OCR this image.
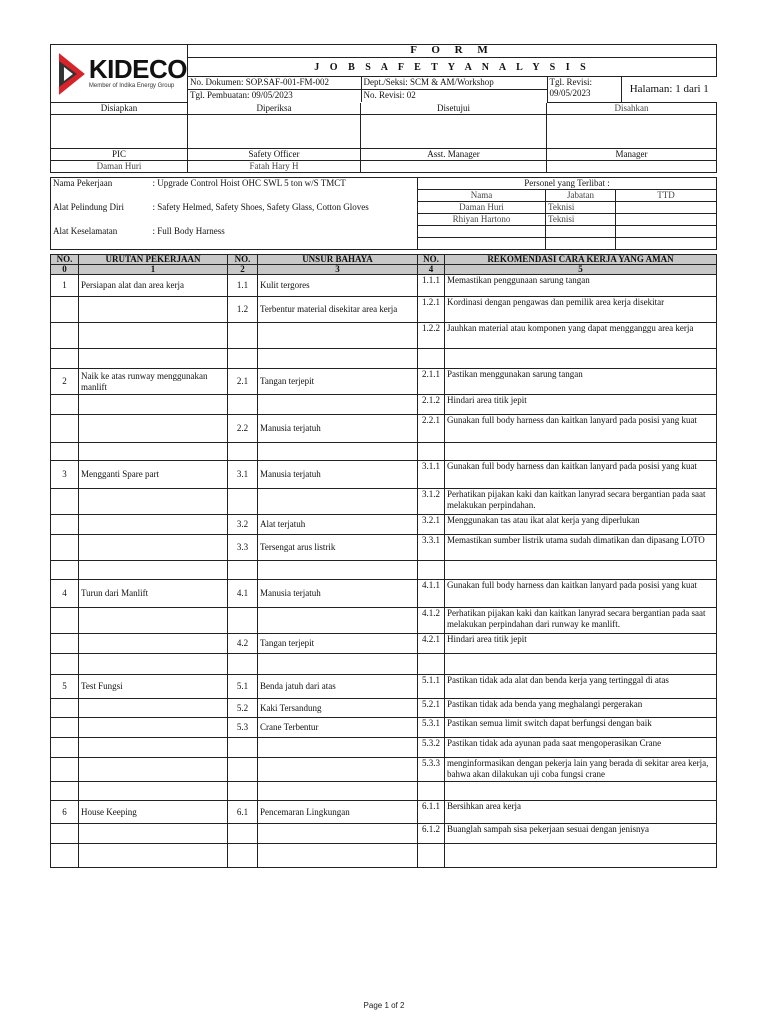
KIDECO
Member of Indika Energy Group
	F O R M
J O B S A F E T Y A N A L Y S I S

No. Dokumen: SOP.SAF-001-FM-002	Dept./Seksi: SCM & AM/Workshop	Tgl. Revisi:
09/05/2023	Halaman: 1 dari 1
Tgl. Pembuatan: 09/05/2023	No. Revisi: 02
Disiapkan	Diperiksa	Disetujui	Disahkan

PIC	Safety Officer	Asst. Manager	Manager
Daman Huri	Fatah Hary H		
Nama Pekerjaan	: Upgrade Control Hoist OHC SWL 5 ton w/S TMCT	Personel yang Terlibat :		
		Nama	Jabatan	TTD
Alat Pelindung Diri	: Safety Helmed, Safety Shoes, Safety Glass, Cotton Gloves	Daman Huri	Teknisi	
		Rhiyan Hartono	Teknisi	
Alat Keselamatan	: Full Body Harness			

NO.	URUTAN PEKERJAAN	NO.	UNSUR BAHAYA	NO.	REKOMENDASI CARA KERJA YANG AMAN
0	1	2	3	4	5
1	Persiapan alat dan area kerja	1.1	Kulit tergores	1.1.1	Memastikan penggunaan sarung tangan
		1.2	Terbentur material disekitar area kerja	1.2.1	Kordinasi dengan pengawas dan pemilik area kerja disekitar
				1.2.2	Jauhkan material atau komponen yang dapat mengganggu area kerja

2	Naik ke atas runway menggunakan manlift	2.1	Tangan terjepit	2.1.1	Pastikan menggunakan sarung tangan
				2.1.2	Hindari area titik jepit
		2.2	Manusia terjatuh	2.2.1	Gunakan full body harness dan kaitkan lanyard pada posisi yang kuat

3	Mengganti Spare part	3.1	Manusia terjatuh	3.1.1	Gunakan full body harness dan kaitkan lanyard pada posisi yang kuat
				3.1.2	Perhatikan pijakan kaki dan kaitkan lanyrad secara bergantian pada saat melakukan perpindahan.
		3.2	Alat terjatuh	3.2.1	Menggunakan tas atau ikat alat kerja yang diperlukan
		3.3	Tersengat arus listrik	3.3.1	Memastikan sumber listrik utama sudah dimatikan dan dipasang LOTO

4	Turun dari Manlift	4.1	Manusia terjatuh	4.1.1	Gunakan full body harness dan kaitkan lanyard pada posisi yang kuat
				4.1.2	Perhatikan pijakan kaki dan kaitkan lanyrad secara bergantian pada saat melakukan perpindahan dari runway ke manlift.
		4.2	Tangan terjepit	4.2.1	Hindari area titik jepit

5	Test Fungsi	5.1	Benda jatuh dari atas	5.1.1	Pastikan tidak ada alat dan benda kerja yang tertinggal di atas
		5.2	Kaki Tersandung	5.2.1	Pastikan tidak ada benda yang meghalangi pergerakan
		5.3	Crane Terbentur	5.3.1	Pastikan semua limit switch dapat berfungsi dengan baik
				5.3.2	Pastikan tidak ada ayunan pada saat mengoperasikan Crane
				5.3.3	menginformasikan dengan pekerja lain yang berada di sekitar area kerja, bahwa akan dilakukan uji coba fungsi crane

6	House Keeping	6.1	Pencemaran Lingkungan	6.1.1	Bersihkan area kerja
				6.1.2	Buanglah sampah sisa pekerjaan sesuai dengan jenisnya

Page 1 of 2
